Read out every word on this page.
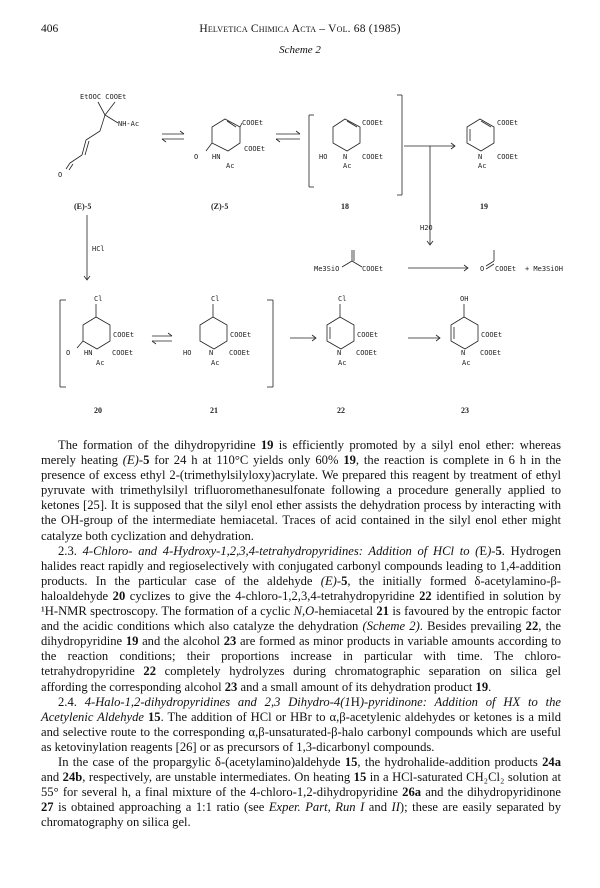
406	Helvetica Chimica Acta – Vol. 68 (1985)
Scheme 2
EtOOC COOEt
NH-Ac
O
(E)-5
O
COOEt
COOEt
HN
Ac
(Z)-5
COOEt
HO N COOEt
Ac
18
H2O
COOEt
N COOEt
Ac
19
Me3SiO	COOEt	O COOEt + Me3SiOH
HCl
Cl
O
COOEt
COOEt
HN
Ac
20
Cl
COOEt
HO	N COOEt
Ac
21
Cl
COOEt
N COOEt
Ac
22
OH
COOEt
N COOEt
Ac
23

The formation of the dihydropyridine 19 is efficiently promoted by a silyl enol ether: whereas merely heating (E)-5 for 24 h at 110°C yields only 60% 19, the reaction is complete in 6 h in the presence of excess ethyl 2-(trimethylsilyloxy)acrylate. We prepared this reagent by treatment of ethyl pyruvate with trimethylsilyl trifluoromethanesulfonate following a procedure generally applied to ketones [25]. It is supposed that the silyl enol ether assists the dehydration process by interacting with the OH-group of the intermediate hemiacetal. Traces of acid contained in the silyl enol ether might catalyze both cyclization and dehydration.

2.3. 4-Chloro- and 4-Hydroxy-1,2,3,4-tetrahydropyridines: Addition of HCl to (E)-5. Hydrogen halides react rapidly and regioselectively with conjugated carbonyl compounds leading to 1,4-addition products. In the particular case of the aldehyde (E)-5, the initially formed δ-acetylamino-β-haloaldehyde 20 cyclizes to give the 4-chloro-1,2,3,4-tetrahydropyridine 22 identified in solution by ¹H-NMR spectroscopy. The formation of a cyclic N,O-hemiacetal 21 is favoured by the entropic factor and the acidic conditions which also catalyze the dehydration (Scheme 2). Besides prevailing 22, the dihydropyridine 19 and the alcohol 23 are formed as minor products in variable amounts according to the reaction conditions; their proportions increase in particular with time. The chloro-tetrahydropyridine 22 completely hydrolyzes during chromatographic separation on silica gel affording the corresponding alcohol 23 and a small amount of its dehydration product 19.

2.4. 4-Halo-1,2-dihydropyridines and 2,3 Dihydro-4(1H)-pyridinone: Addition of HX to the Acetylenic Aldehyde 15. The addition of HCl or HBr to α,β-acetylenic aldehydes or ketones is a mild and selective route to the corresponding α,β-unsaturated-β-halo carbonyl compounds which are useful as ketovinylation reagents [26] or as precursors of 1,3-dicarbonyl compounds.

In the case of the propargylic δ-(acetylamino)aldehyde 15, the hydrohalide-addition products 24a and 24b, respectively, are unstable intermediates. On heating 15 in a HCl-saturated CH₂Cl₂ solution at 55° for several h, a final mixture of the 4-chloro-1,2-dihydropyridine 26a and the dihydropyridinone 27 is obtained approaching a 1:1 ratio (see Exper. Part, Run I and II); these are easily separated by chromatography on silica gel.
